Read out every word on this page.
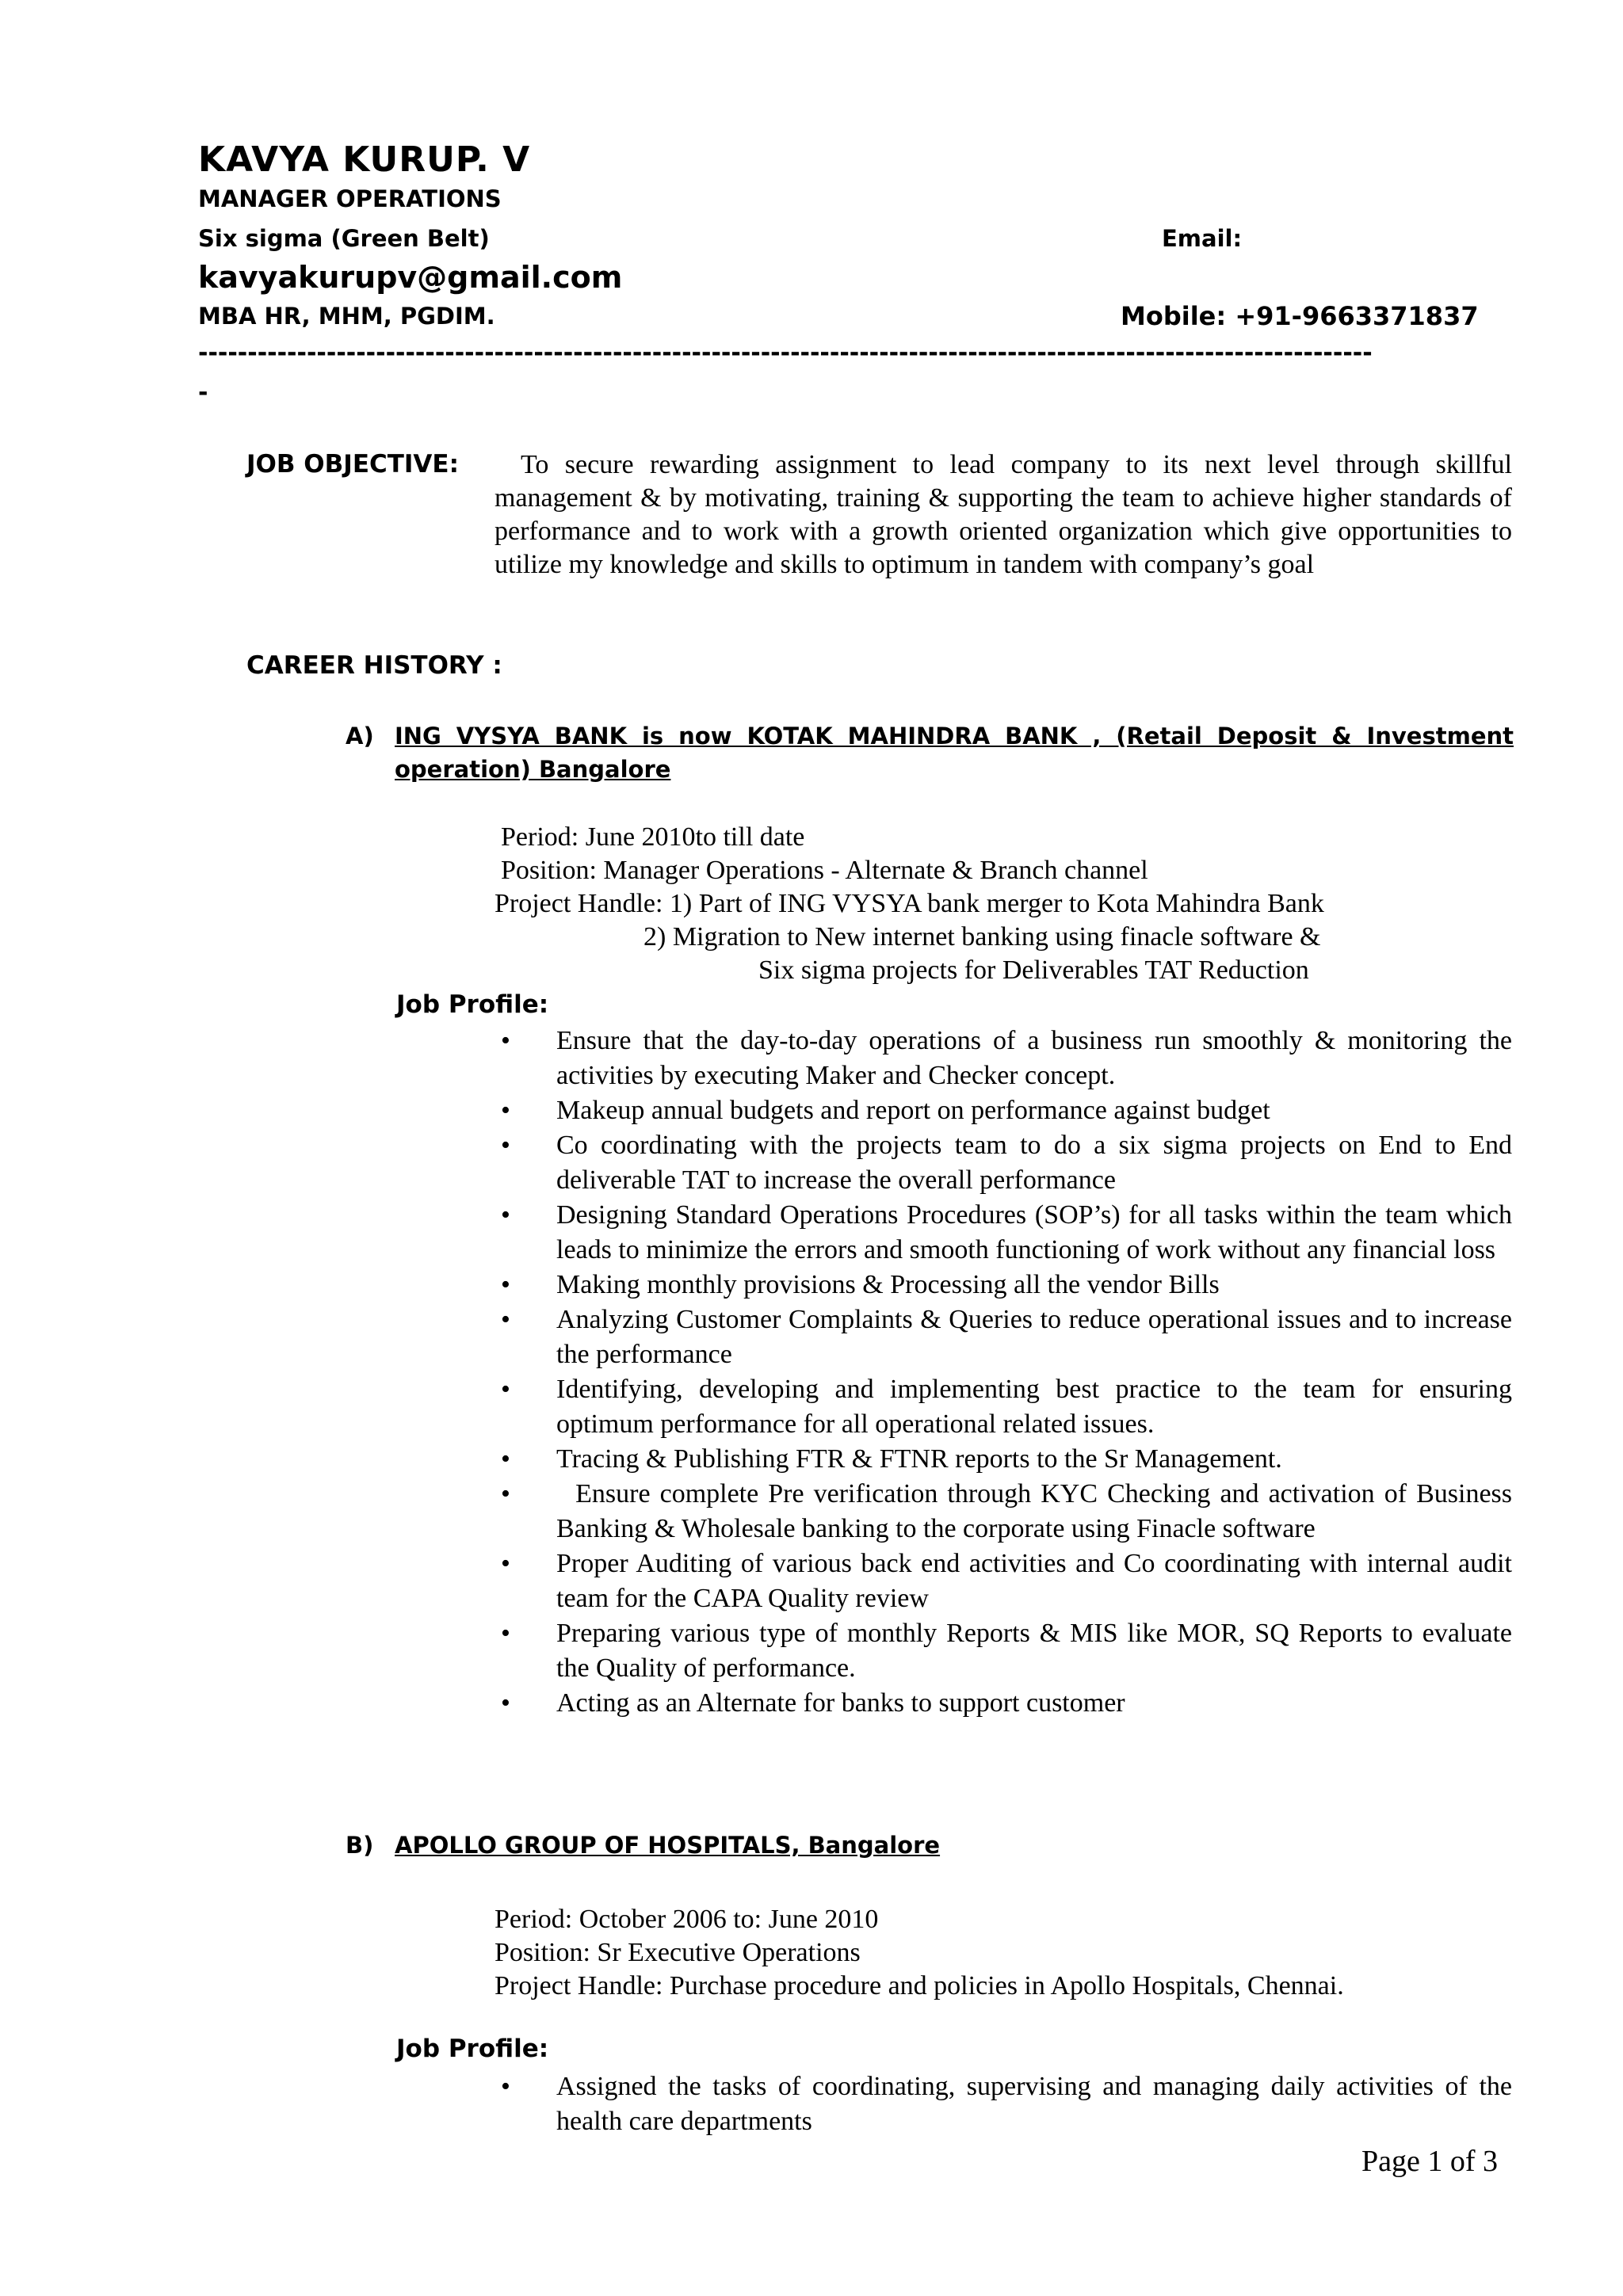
KAVYA KURUP. V
MANAGER OPERATIONS
Six sigma (Green Belt)	Email:
kavyakurupv@gmail.com
MBA HR, MHM, PGDIM.	Mobile: +91-9663371837
-----------------------------------------------------------------------------------------------------------------------
-
JOB OBJECTIVE:	To secure rewarding assignment to lead company to its next level through skillful management & by motivating, training & supporting the team to achieve higher standards of performance and to work with a growth oriented organization which give opportunities to utilize my knowledge and skills to optimum in tandem with company’s goal
CAREER HISTORY :
A) ING VYSYA BANK is now KOTAK MAHINDRA BANK , (Retail Deposit & Investment operation) Bangalore
Period: June 2010to till date
Position: Manager Operations - Alternate & Branch channel
Project Handle: 1) Part of ING VYSYA bank merger to Kota Mahindra Bank
2) Migration to New internet banking using finacle software &
Six sigma projects for Deliverables TAT Reduction
Job Profile:
• Ensure that the day-to-day operations of a business run smoothly & monitoring the activities by executing Maker and Checker concept.
• Makeup annual budgets and report on performance against budget
• Co coordinating with the projects team to do a six sigma projects on End to End deliverable TAT to increase the overall performance
• Designing Standard Operations Procedures (SOP’s) for all tasks within the team which leads to minimize the errors and smooth functioning of work without any financial loss
• Making monthly provisions & Processing all the vendor Bills
• Analyzing Customer Complaints & Queries to reduce operational issues and to increase the performance
• Identifying, developing and implementing best practice to the team for ensuring optimum performance for all operational related issues.
• Tracing & Publishing FTR & FTNR reports to the Sr Management.
• Ensure complete Pre verification through KYC Checking and activation of Business Banking & Wholesale banking to the corporate using Finacle software
• Proper Auditing of various back end activities and Co coordinating with internal audit team for the CAPA Quality review
• Preparing various type of monthly Reports & MIS like MOR, SQ Reports to evaluate the Quality of performance.
• Acting as an Alternate for banks to support customer
B) APOLLO GROUP OF HOSPITALS, Bangalore
Period: October 2006 to: June 2010
Position: Sr Executive Operations
Project Handle: Purchase procedure and policies in Apollo Hospitals, Chennai.
Job Profile:
• Assigned the tasks of coordinating, supervising and managing daily activities of the health care departments
Page 1 of 3
